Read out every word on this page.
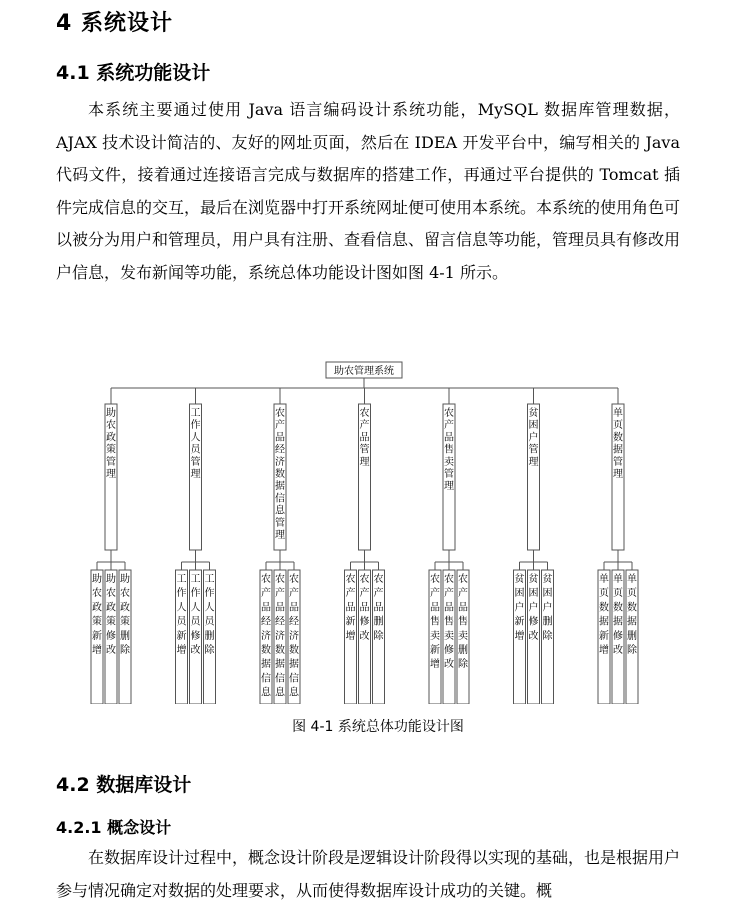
4 系统设计
4.1 系统功能设计

本系统主要通过使用 Java 语言编码设计系统功能，MySQL 数据库管理数据，AJAX 技术设计简洁的、友好的网址页面，然后在 IDEA 开发平台中，编写相关的 Java 代码文件，接着通过连接语言完成与数据库的搭建工作，再通过平台提供的 Tomcat 插件完成信息的交互，最后在浏览器中打开系统网址便可使用本系统。本系统的使用角色可以被分为用户和管理员，用户具有注册、查看信息、留言信息等功能，管理员具有修改用户信息，发布新闻等功能，系统总体功能设计图如图 4-1 所示。

助农管理系统
助农政策管理
助农政策新增
助农政策修改
助农政策删除
工作人员管理
工作人员新增
工作人员修改
工作人员删除
农产品经济数据信息管理
农产品经济数据信息
农产品经济数据信息
农产品经济数据信息
农产品管理
农产品新增
农产品修改
农产品删除
农产品售卖管理
农产品售卖新增
农产品售卖修改
农产品售卖删除
贫困户管理
贫困户新增
贫困户修改
贫困户删除
单页数据管理
单页数据新增
单页数据修改
单页数据删除
图 4-1 系统总体功能设计图
4.2 数据库设计
4.2.1 概念设计

在数据库设计过程中，概念设计阶段是逻辑设计阶段得以实现的基础，也是根据用户参与情况确定对数据的处理要求，从而使得数据库设计成功的关键。概
